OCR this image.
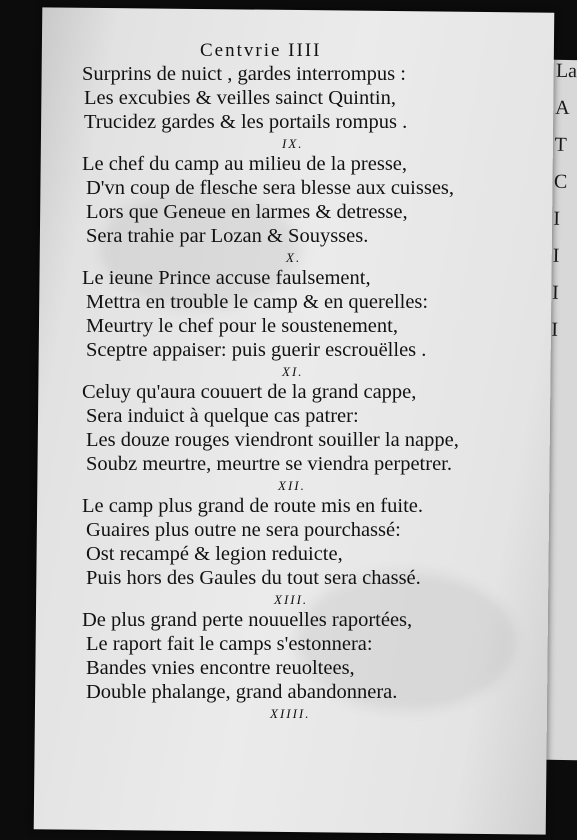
La
A
T
C
I
I
I
I
Centvrie IIII
Surprins de nuict , gardes interrompus :
Les excubies & veilles sainct Quintin,
Trucidez gardes & les portails rompus .
IX.
Le chef du camp au milieu de la presse,
D'vn coup de flesche sera blesse aux cuisses,
Lors que Geneue en larmes & detresse,
Sera trahie par Lozan & Souysses.
X.
Le ieune Prince accuse faulsement,
Mettra en trouble le camp & en querelles:
Meurtry le chef pour le soustenement,
Sceptre appaiser: puis guerir escrouëlles .
XI.
Celuy qu'aura couuert de la grand cappe,
Sera induict à quelque cas patrer:
Les douze rouges viendront souiller la nappe,
Soubz meurtre, meurtre se viendra perpetrer.
XII.
Le camp plus grand de route mis en fuite.
Guaires plus outre ne sera pourchassé:
Ost recampé & legion reduicte,
Puis hors des Gaules du tout sera chassé.
XIII.
De plus grand perte nouuelles raportées,
Le raport fait le camps s'estonnera:
Bandes vnies encontre reuoltees,
Double phalange, grand abandonnera.
XIIII.
